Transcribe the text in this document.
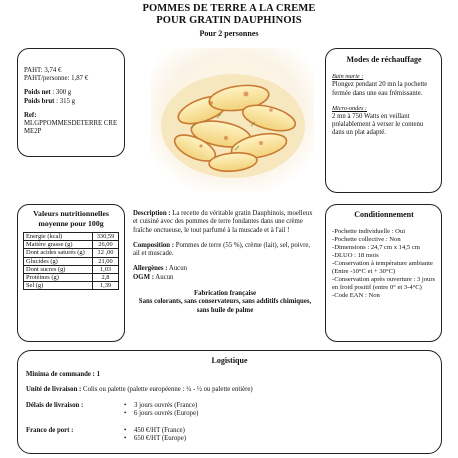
POMMES DE TERRE A LA CREME
POUR GRATIN DAUPHINOIS
Pour 2 personnes
PAHT: 3,74 €
PAHT/personne: 1,87 €
Poids net : 300 g
Poids brut : 315 g
Ref:
MLGPPOMMESDETERRE CREME2P
Modes de réchauffage
Bain marie :
Plongez pendant 20 mn la pochette fermée dans une eau frémissante.
Micro-ondes :
2 mn à 750 Watts en veillant préalablement à verser le contenu dans un plat adapté.
Valeurs nutritionnelles
moyenne pour 100g
Energie (kcal)	330,59
Matière grasse (g)	26,00
Dont acides saturés (g)	12 ,00
Glucides (g)	21,00
Dont sucres (g)	1,03
Protéines (g)	2,8
Sel (g)	1,39

Description : La recette du véritable gratin Dauphinois, moelleux et cuisiné avec des pommes de terre fondantes dans une crème fraîche onctueuse, le tout parfumé à la muscade et à l'ail !

Composition : Pommes de terre (55 %), crème (lait), sel, poivre, ail et muscade.

Allergènes : Aucun
OGM : Aucun
Fabrication française
Sans colorants, sans conservateurs, sans additifs chimiques, sans huile de palme
Conditionnement
-Pochette individuelle : Oui
-Pochette collective : Non
-Dimensions : 24,7 cm x 14,5 cm
-DLUO : 18 mois
-Conservation à température ambiante (Entre -10°C et + 30°C)
-Conservation après ouverture : 3 jours en froid positif (entre 0° et 3-4°C)
-Code EAN : Non
Logistique
Minima de commande : 1
Unité de livraison : Colis ou palette (palette européenne : ¼ - ½ ou palette entière)
Délais de livraison :	• 3 jours ouvrés (France)
• 6 jours ouvrés (Europe)
Franco de port :	• 450 €/HT (France)
• 650 €/HT (Europe)
